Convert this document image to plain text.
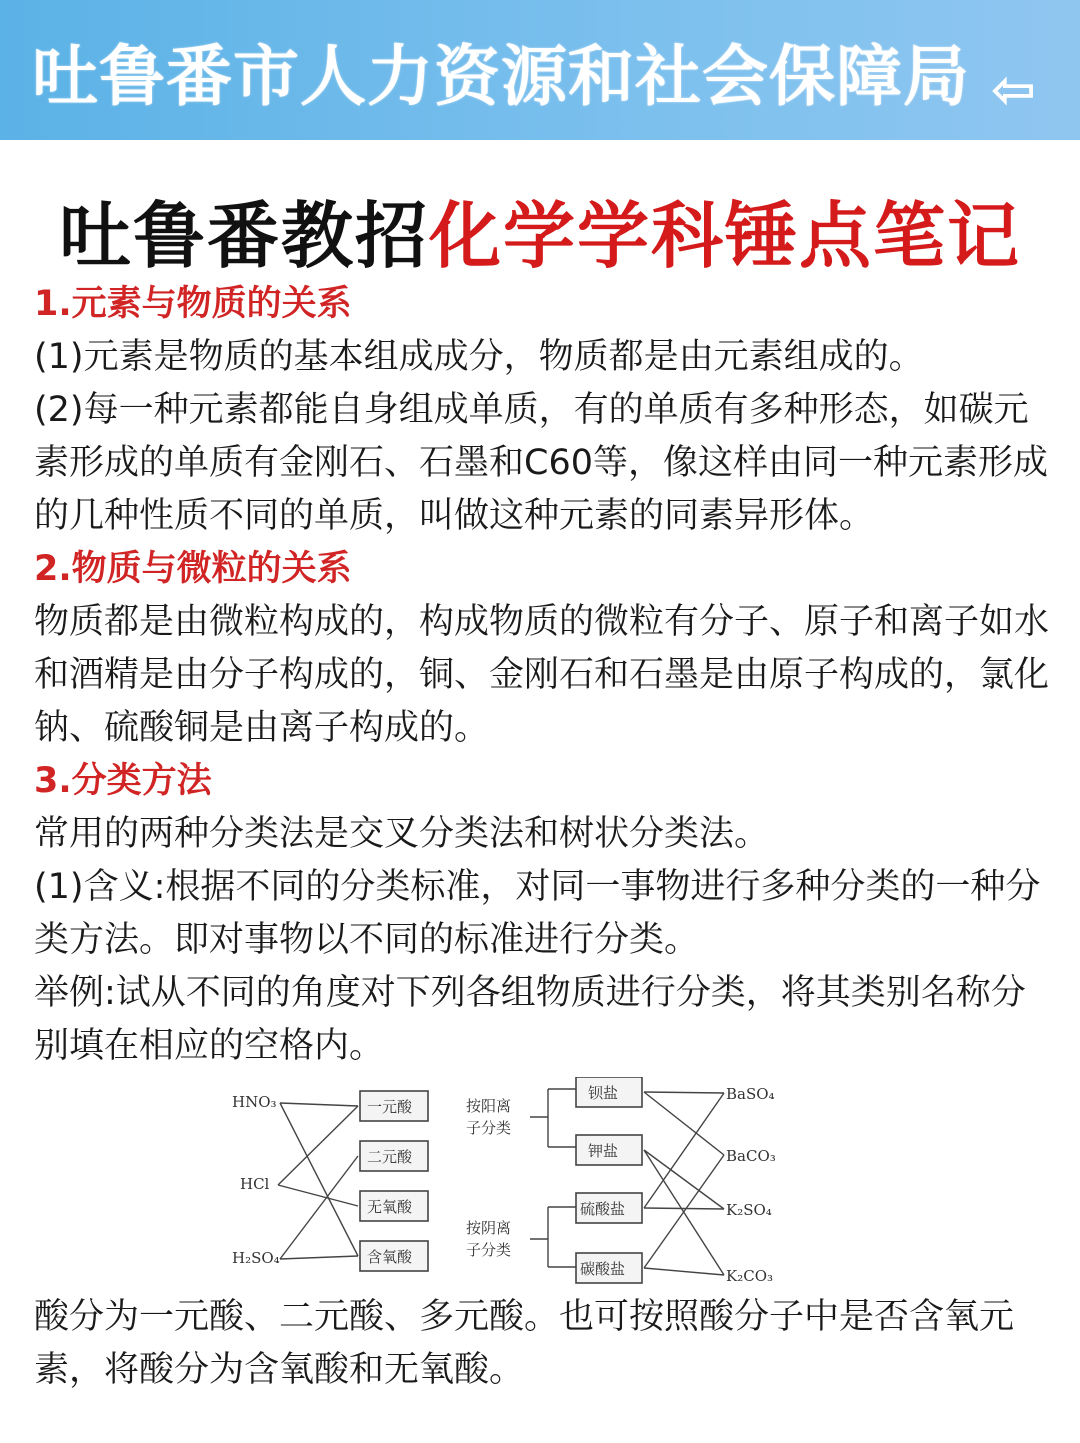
吐鲁番市人力资源和社会保障局 ⇦
吐鲁番教招化学学科锤点笔记
1.元素与物质的关系

(1)元素是物质的基本组成成分，物质都是由元素组成的。

(2)每一种元素都能自身组成单质，有的单质有多种形态，如碳元素形成的单质有金刚石、石墨和C60等，像这样由同一种元素形成的几种性质不同的单质，叫做这种元素的同素异形体。

2.物质与微粒的关系

物质都是由微粒构成的，构成物质的微粒有分子、原子和离子如水和酒精是由分子构成的，铜、金刚石和石墨是由原子构成的，氯化钠、硫酸铜是由离子构成的。

3.分类方法

常用的两种分类法是交叉分类法和树状分类法。

(1)含义:根据不同的分类标准，对同一事物进行多种分类的一种分类方法。即对事物以不同的标准进行分类。

举例:试从不同的角度对下列各组物质进行分类，将其类别名称分别填在相应的空格内。

HNO₃
HCl
H₂SO₄
一元酸
二元酸
无氧酸
含氧酸
按阳离
子分类
按阴离
子分类
钡盐
钾盐
硫酸盐
碳酸盐
BaSO₄
BaCO₃
K₂SO₄
K₂CO₃

酸分为一元酸、二元酸、多元酸。也可按照酸分子中是否含氧元素，将酸分为含氧酸和无氧酸。
